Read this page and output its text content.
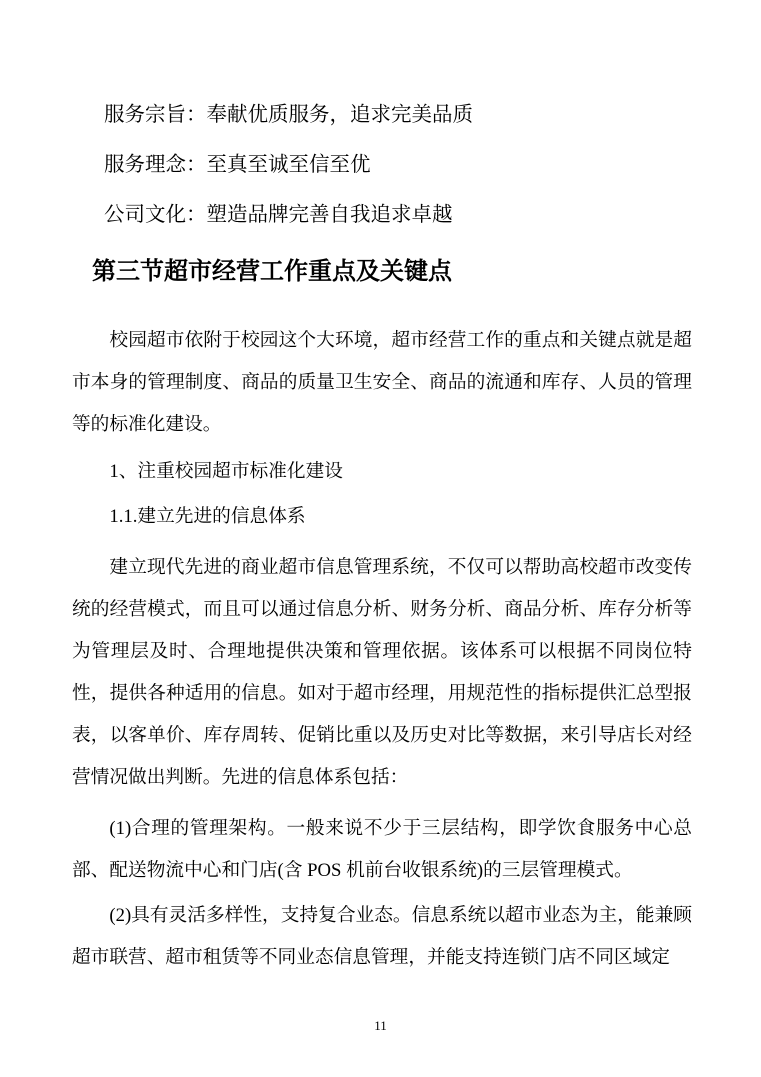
服务宗旨：奉献优质服务，追求完美品质

服务理念：至真至诚至信至优

公司文化：塑造品牌完善自我追求卓越

第三节超市经营工作重点及关键点

校园超市依附于校园这个大环境，超市经营工作的重点和关键点就是超市本身的管理制度、商品的质量卫生安全、商品的流通和库存、人员的管理等的标准化建设。

1、注重校园超市标准化建设

1.1.建立先进的信息体系

建立现代先进的商业超市信息管理系统，不仅可以帮助高校超市改变传统的经营模式，而且可以通过信息分析、财务分析、商品分析、库存分析等为管理层及时、合理地提供决策和管理依据。该体系可以根据不同岗位特性，提供各种适用的信息。如对于超市经理，用规范性的指标提供汇总型报表，以客单价、库存周转、促销比重以及历史对比等数据，来引导店长对经营情况做出判断。先进的信息体系包括：

(1)合理的管理架构。一般来说不少于三层结构，即学饮食服务中心总部、配送物流中心和门店(含 POS 机前台收银系统)的三层管理模式。

(2)具有灵活多样性，支持复合业态。信息系统以超市业态为主，能兼顾超市联营、超市租赁等不同业态信息管理，并能支持连锁门店不同区域定

11
